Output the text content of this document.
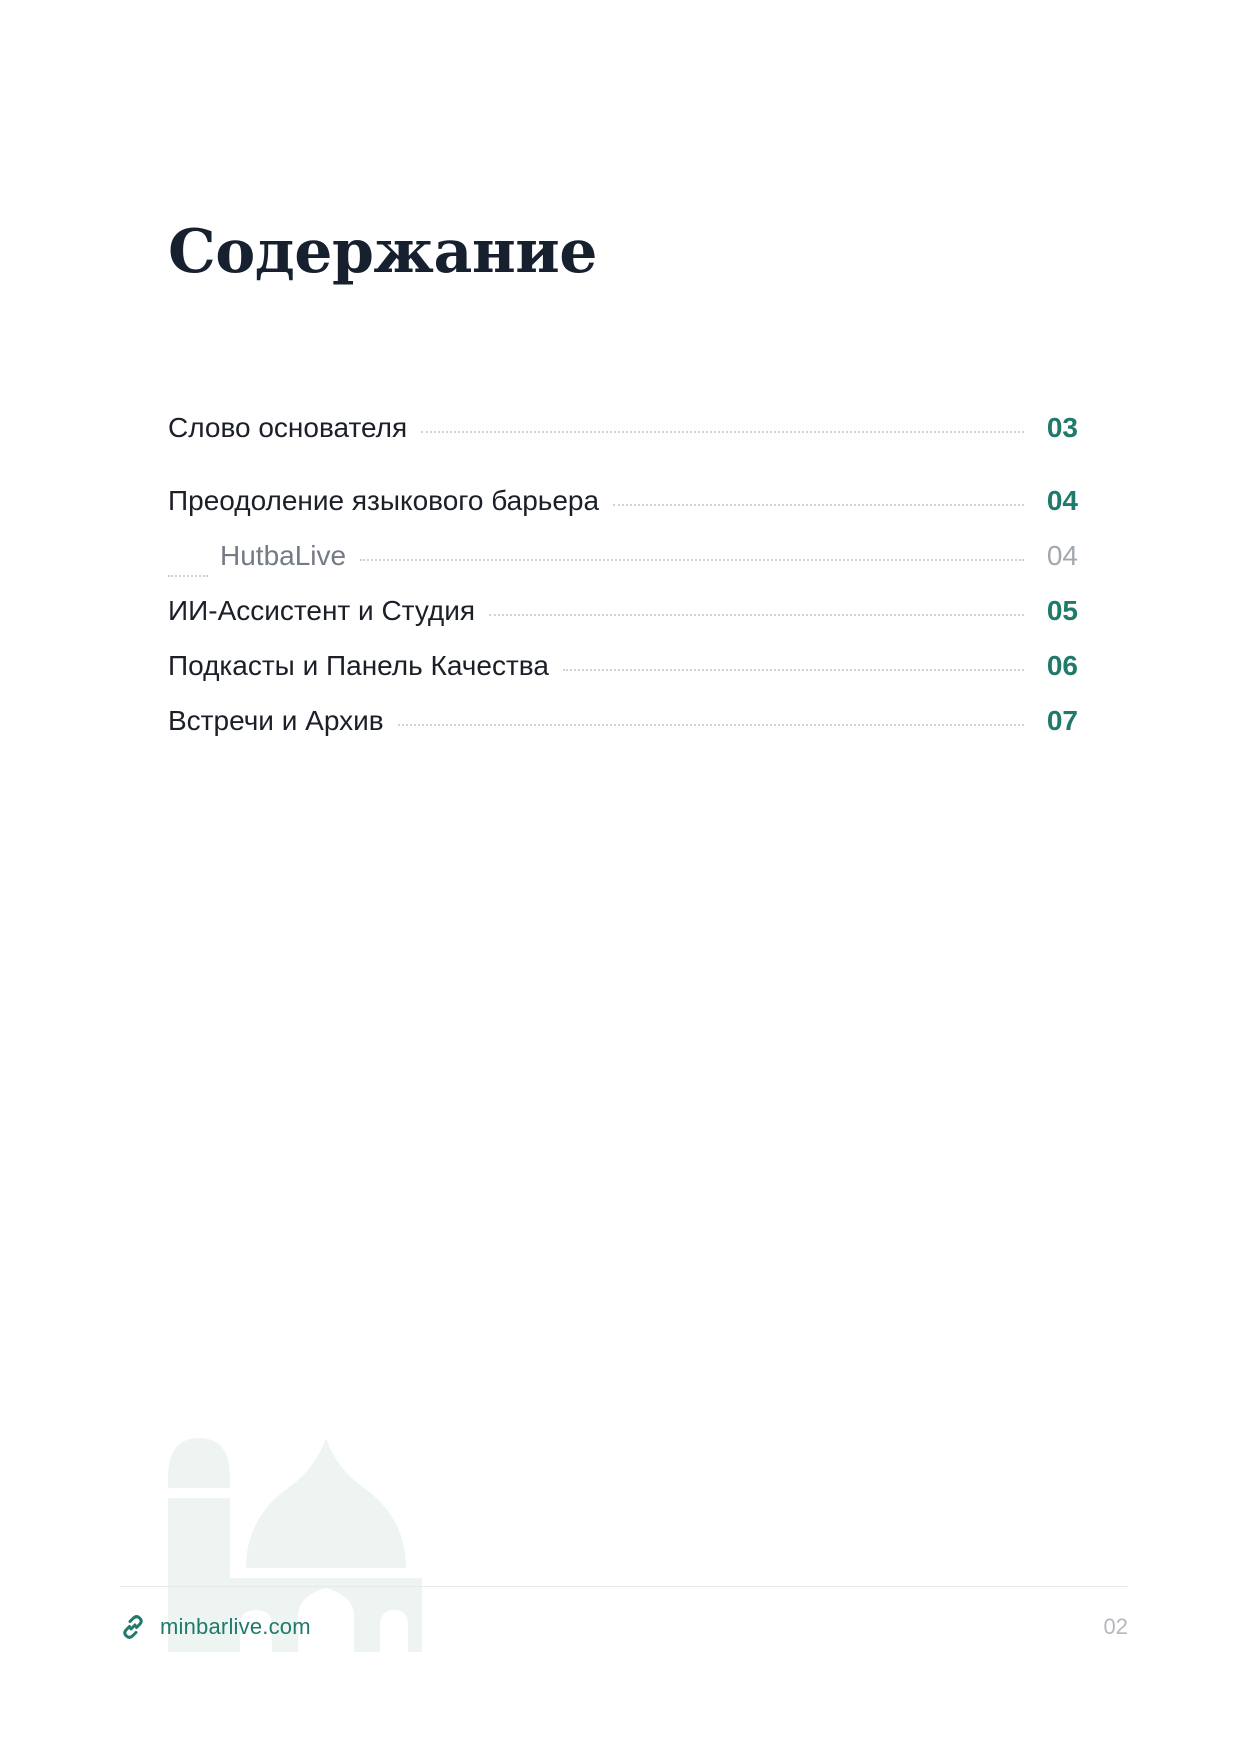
Содержание
Слово основателя	03
Преодоление языкового барьера	04
HutbaLive	04
ИИ-Ассистент и Студия	05
Подкасты и Панель Качества	06
Встречи и Архив	07
minbarlive.com	02
